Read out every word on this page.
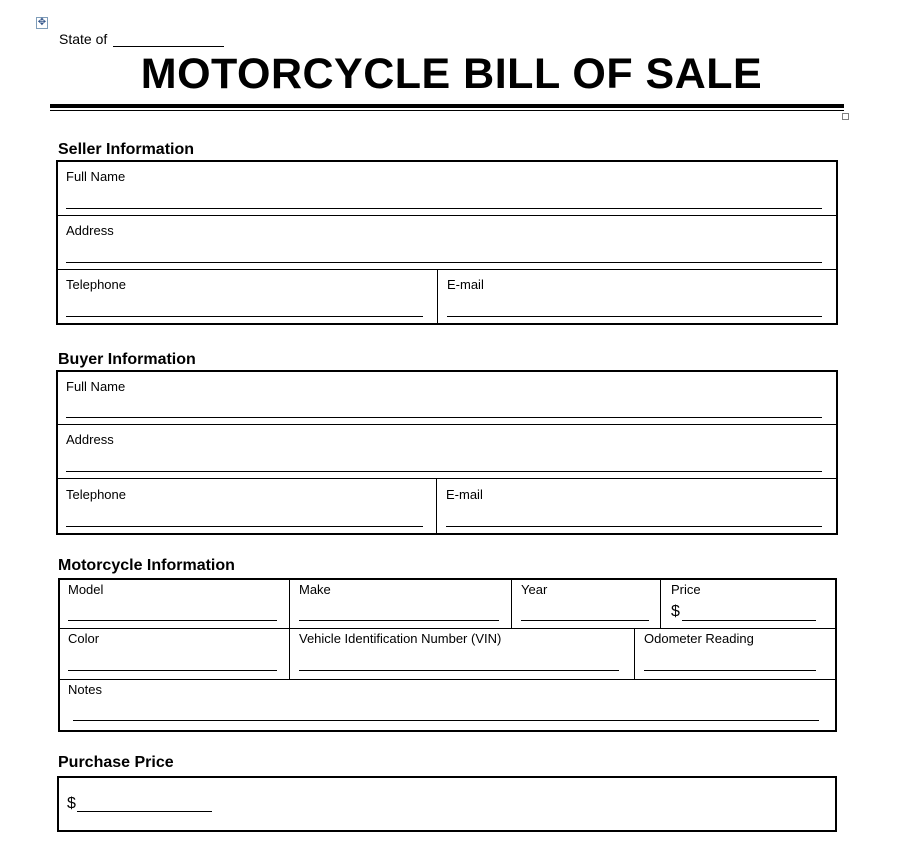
✥
State of
MOTORCYCLE BILL OF SALE
Seller Information
Full Name
Address
Telephone	E-mail
Buyer Information
Full Name
Address
Telephone	E-mail
Motorcycle Information
Model	Make	Year	Price
$
Color	Vehicle Identification Number (VIN)	Odometer Reading
Notes
Purchase Price
$
